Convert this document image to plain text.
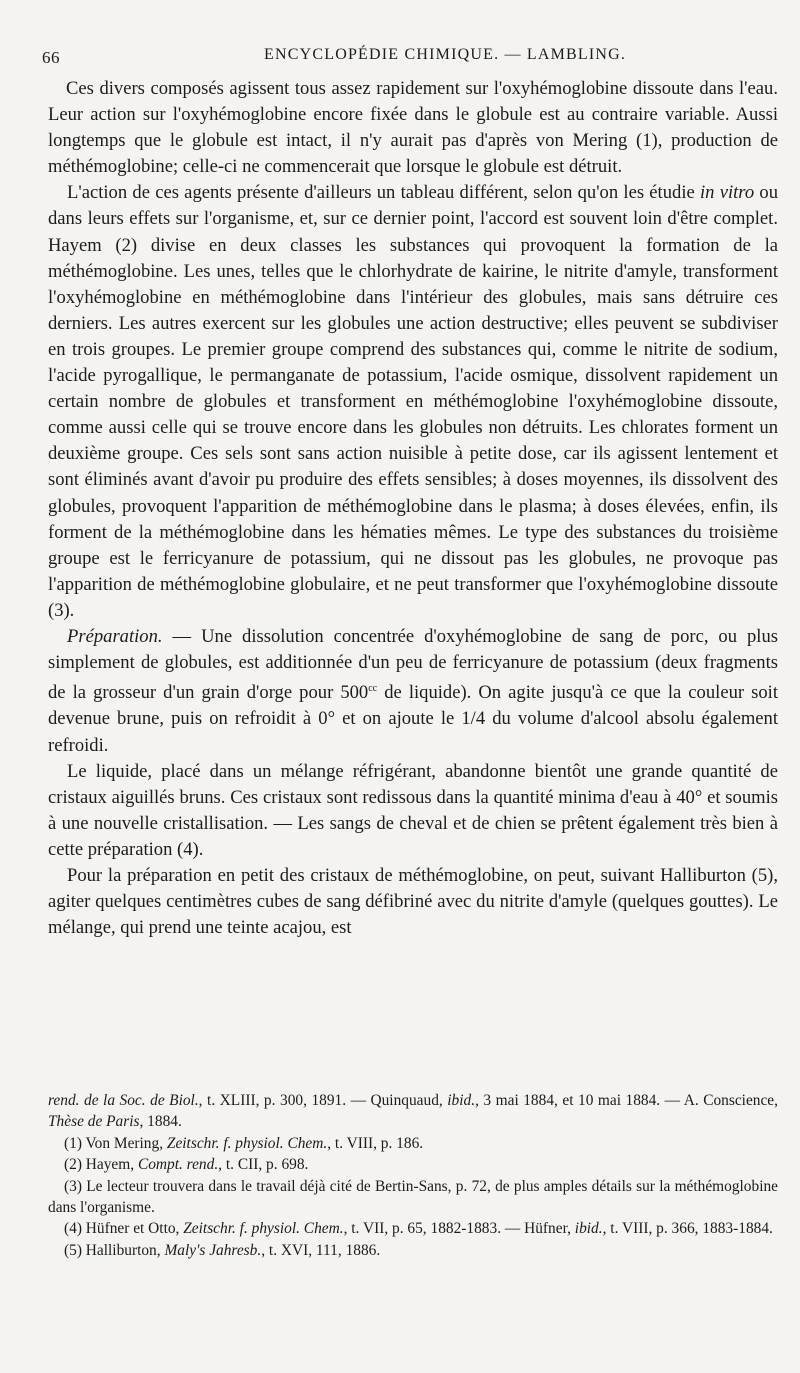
66	ENCYCLOPÉDIE CHIMIQUE. — LAMBLING.

Ces divers composés agissent tous assez rapidement sur l'oxyhémoglobine dissoute dans l'eau. Leur action sur l'oxyhémoglobine encore fixée dans le globule est au contraire variable. Aussi longtemps que le globule est intact, il n'y aurait pas d'après von Mering (1), production de méthémoglobine; celle-ci ne commencerait que lorsque le globule est détruit.

L'action de ces agents présente d'ailleurs un tableau différent, selon qu'on les étudie in vitro ou dans leurs effets sur l'organisme, et, sur ce dernier point, l'accord est souvent loin d'être complet. Hayem (2) divise en deux classes les substances qui provoquent la formation de la méthémoglobine. Les unes, telles que le chlorhydrate de kairine, le nitrite d'amyle, transforment l'oxyhémoglobine en méthémoglobine dans l'intérieur des globules, mais sans détruire ces derniers. Les autres exercent sur les globules une action destructive; elles peuvent se subdiviser en trois groupes. Le premier groupe comprend des substances qui, comme le nitrite de sodium, l'acide pyrogallique, le permanganate de potassium, l'acide osmique, dissolvent rapidement un certain nombre de globules et transforment en méthémoglobine l'oxyhémoglobine dissoute, comme aussi celle qui se trouve encore dans les globules non détruits. Les chlorates forment un deuxième groupe. Ces sels sont sans action nuisible à petite dose, car ils agissent lentement et sont éliminés avant d'avoir pu produire des effets sensibles; à doses moyennes, ils dissolvent des globules, provoquent l'apparition de méthémoglobine dans le plasma; à doses élevées, enfin, ils forment de la méthémoglobine dans les hématies mêmes. Le type des substances du troisième groupe est le ferricyanure de potassium, qui ne dissout pas les globules, ne provoque pas l'apparition de méthémoglobine globulaire, et ne peut transformer que l'oxyhémoglobine dissoute (3).

Préparation. — Une dissolution concentrée d'oxyhémoglobine de sang de porc, ou plus simplement de globules, est additionnée d'un peu de ferricyanure de potassium (deux fragments de la grosseur d'un grain d'orge pour $500^{cc}$ de liquide). On agite jusqu'à ce que la couleur soit devenue brune, puis on refroidit à 0° et on ajoute le 1/4 du volume d'alcool absolu également refroidi.

Le liquide, placé dans un mélange réfrigérant, abandonne bientôt une grande quantité de cristaux aiguillés bruns. Ces cristaux sont redissous dans la quantité minima d'eau à 40° et soumis à une nouvelle cristallisation. — Les sangs de cheval et de chien se prêtent également très bien à cette préparation (4).

Pour la préparation en petit des cristaux de méthémoglobine, on peut, suivant Halliburton (5), agiter quelques centimètres cubes de sang défibriné avec du nitrite d'amyle (quelques gouttes). Le mélange, qui prend une teinte acajou, est

rend. de la Soc. de Biol., t. XLIII, p. 300, 1891. — Quinquaud, ibid., 3 mai 1884, et 10 mai 1884. — A. Conscience, Thèse de Paris, 1884.

(1) Von Mering, Zeitschr. f. physiol. Chem., t. VIII, p. 186.

(2) Hayem, Compt. rend., t. CII, p. 698.

(3) Le lecteur trouvera dans le travail déjà cité de Bertin-Sans, p. 72, de plus amples détails sur la méthémoglobine dans l'organisme.

(4) Hüfner et Otto, Zeitschr. f. physiol. Chem., t. VII, p. 65, 1882-1883. — Hüfner, ibid., t. VIII, p. 366, 1883-1884.

(5) Halliburton, Maly's Jahresb., t. XVI, 111, 1886.
